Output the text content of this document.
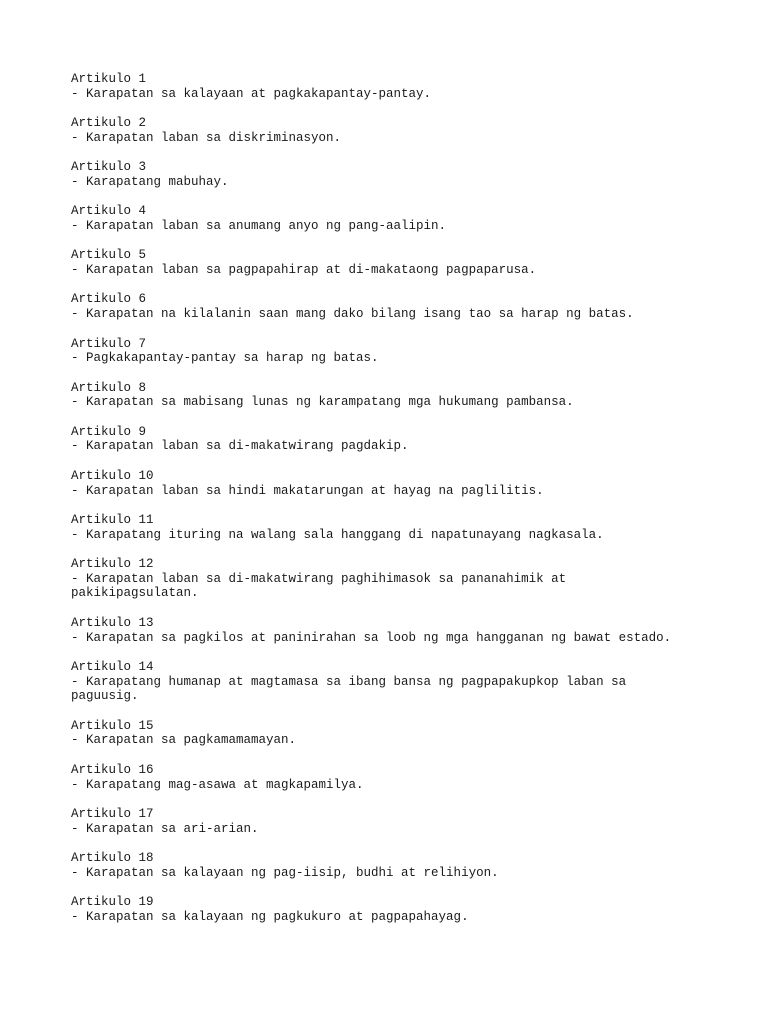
Artikulo 1
- Karapatan sa kalayaan at pagkakapantay-pantay.
Artikulo 2
- Karapatan laban sa diskriminasyon.
Artikulo 3
- Karapatang mabuhay.
Artikulo 4
- Karapatan laban sa anumang anyo ng pang-aalipin.
Artikulo 5
- Karapatan laban sa pagpapahirap at di-makataong pagpaparusa.
Artikulo 6
- Karapatan na kilalanin saan mang dako bilang isang tao sa harap ng batas.
Artikulo 7
- Pagkakapantay-pantay sa harap ng batas.
Artikulo 8
- Karapatan sa mabisang lunas ng karampatang mga hukumang pambansa.
Artikulo 9
- Karapatan laban sa di-makatwirang pagdakip.
Artikulo 10
- Karapatan laban sa hindi makatarungan at hayag na paglilitis.
Artikulo 11
- Karapatang ituring na walang sala hanggang di napatunayang nagkasala.
Artikulo 12
- Karapatan laban sa di-makatwirang paghihimasok sa pananahimik at
pakikipagsulatan.
Artikulo 13
- Karapatan sa pagkilos at paninirahan sa loob ng mga hangganan ng bawat estado.
Artikulo 14
- Karapatang humanap at magtamasa sa ibang bansa ng pagpapakupkop laban sa
paguusig.
Artikulo 15
- Karapatan sa pagkamamamayan.
Artikulo 16
- Karapatang mag-asawa at magkapamilya.
Artikulo 17
- Karapatan sa ari-arian.
Artikulo 18
- Karapatan sa kalayaan ng pag-iisip, budhi at relihiyon.
Artikulo 19
- Karapatan sa kalayaan ng pagkukuro at pagpapahayag.
